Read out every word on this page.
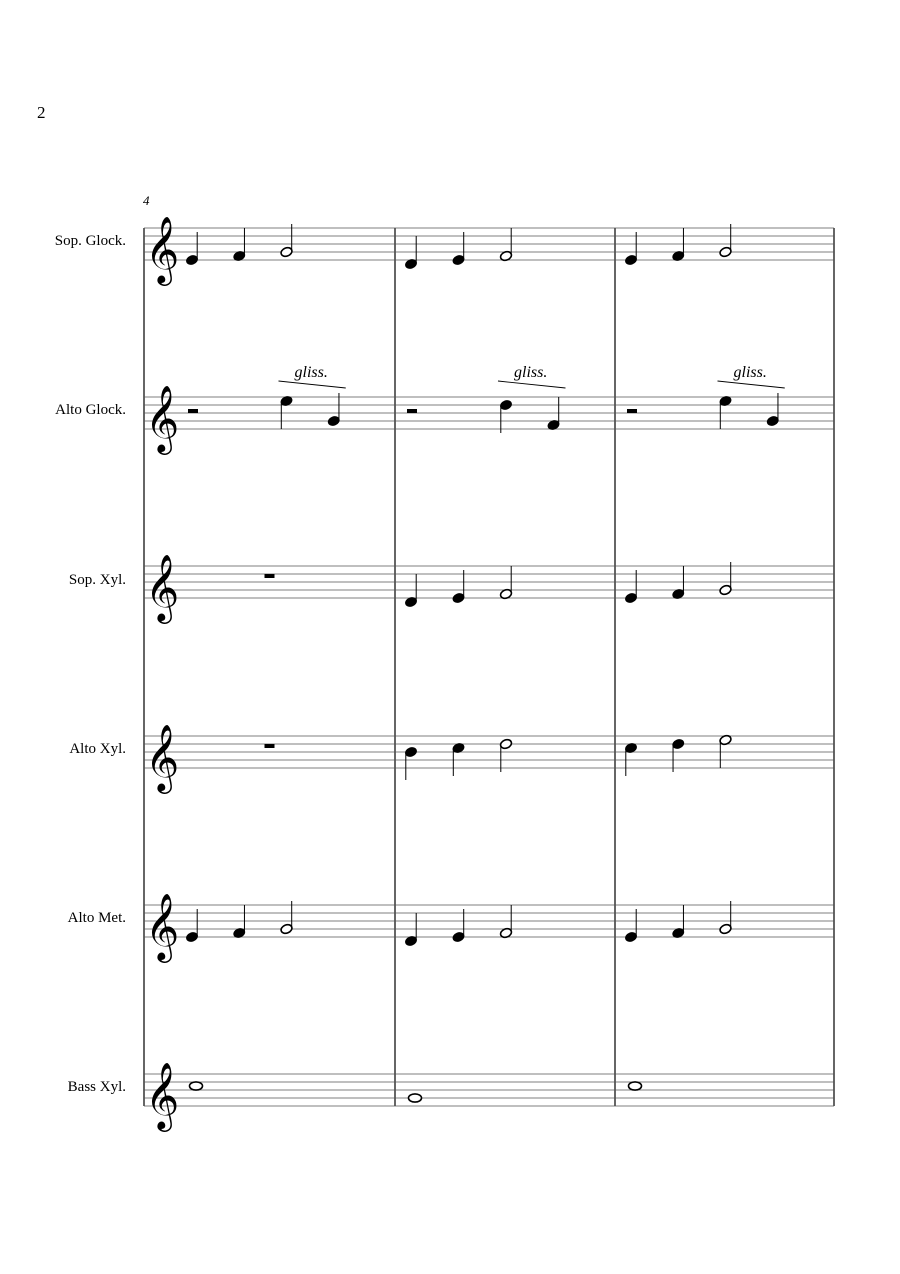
2
4
Sop. Glock.
Alto Glock.
Sop. Xyl.
Alto Xyl.
Alto Met.
Bass Xyl.
𝄞
𝄞
gliss.	gliss.	gliss.
𝄞
𝄞
𝄞
𝄞
